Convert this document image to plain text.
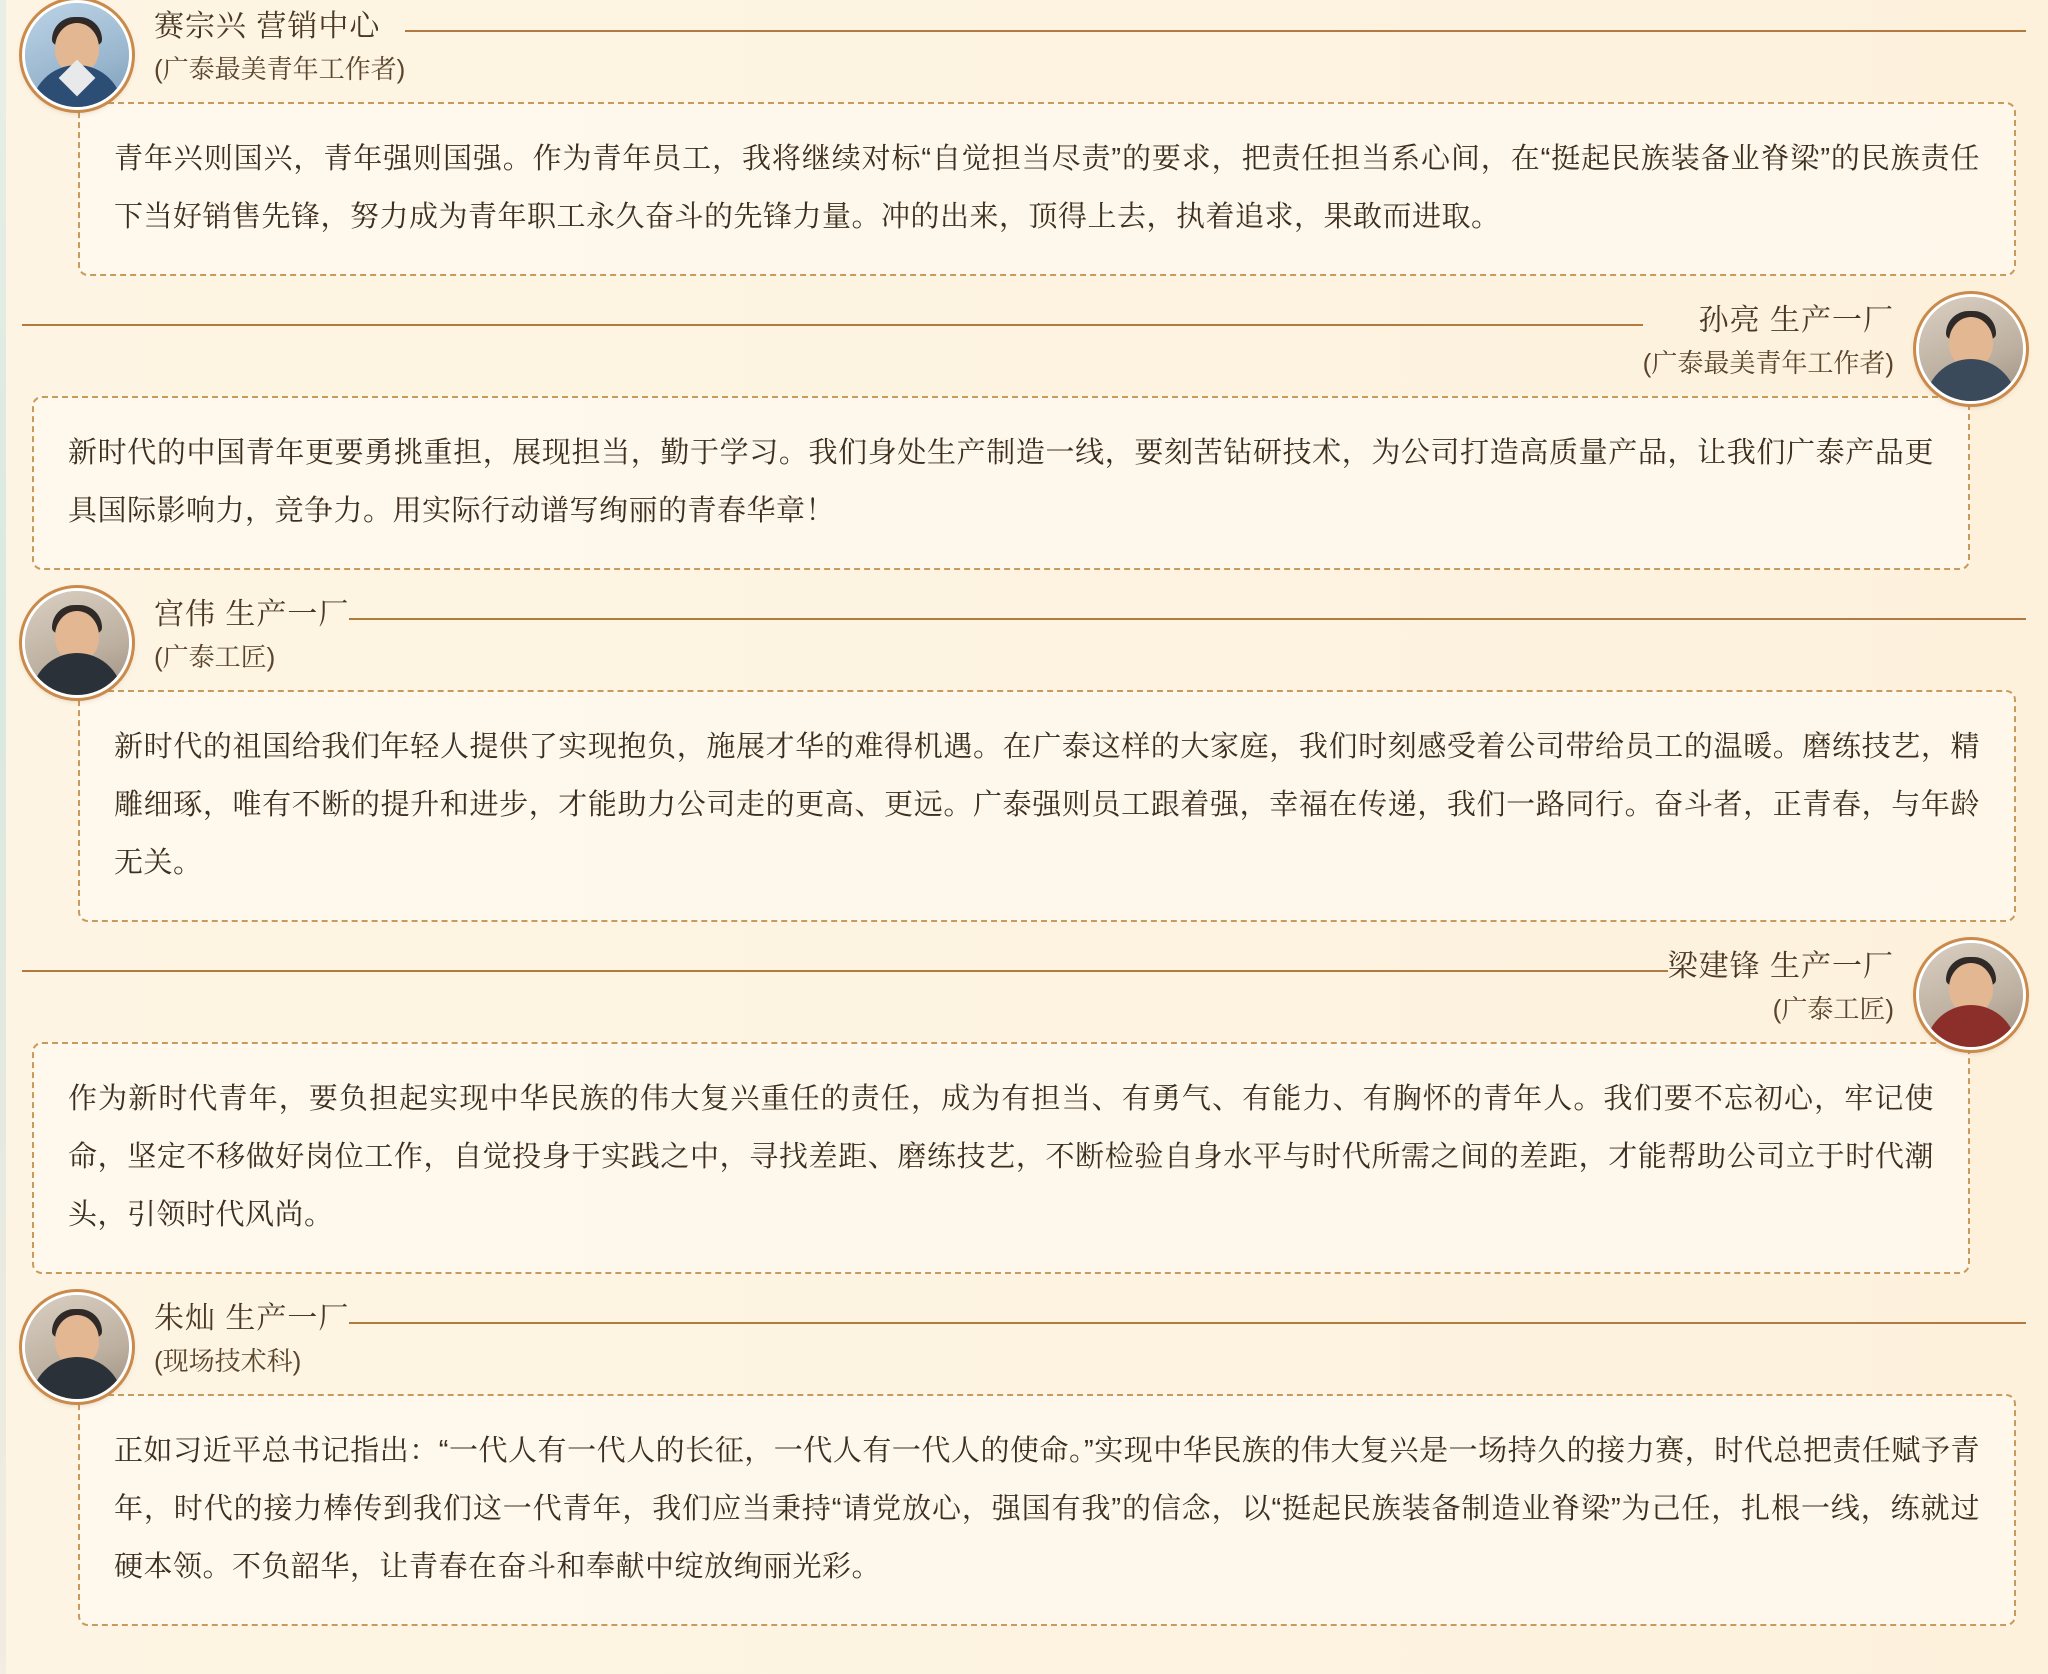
赛宗兴 营销中心
(广泰最美青年工作者)

青年兴则国兴，青年强则国强。作为青年员工，我将继续对标“自觉担当尽责”的要求，把责任担当系心间，在“挺起民族装备业脊梁”的民族责任下当好销售先锋，努力成为青年职工永久奋斗的先锋力量。冲的出来，顶得上去，执着追求，果敢而进取。

孙亮 生产一厂
(广泰最美青年工作者)

新时代的中国青年更要勇挑重担，展现担当，勤于学习。我们身处生产制造一线，要刻苦钻研技术，为公司打造高质量产品，让我们广泰产品更具国际影响力，竞争力。用实际行动谱写绚丽的青春华章！

宫伟 生产一厂
(广泰工匠)

新时代的祖国给我们年轻人提供了实现抱负，施展才华的难得机遇。在广泰这样的大家庭，我们时刻感受着公司带给员工的温暖。磨练技艺，精雕细琢，唯有不断的提升和进步，才能助力公司走的更高、更远。广泰强则员工跟着强，幸福在传递，我们一路同行。奋斗者，正青春，与年龄无关。

梁建锋 生产一厂
(广泰工匠)

作为新时代青年，要负担起实现中华民族的伟大复兴重任的责任，成为有担当、有勇气、有能力、有胸怀的青年人。我们要不忘初心，牢记使命，坚定不移做好岗位工作，自觉投身于实践之中，寻找差距、磨练技艺，不断检验自身水平与时代所需之间的差距，才能帮助公司立于时代潮头，引领时代风尚。

朱灿 生产一厂
(现场技术科)

正如习近平总书记指出：“一代人有一代人的长征，一代人有一代人的使命。”实现中华民族的伟大复兴是一场持久的接力赛，时代总把责任赋予青年，时代的接力棒传到我们这一代青年，我们应当秉持“请党放心，强国有我”的信念，以“挺起民族装备制造业脊梁”为己任，扎根一线，练就过硬本领。不负韶华，让青春在奋斗和奉献中绽放绚丽光彩。
